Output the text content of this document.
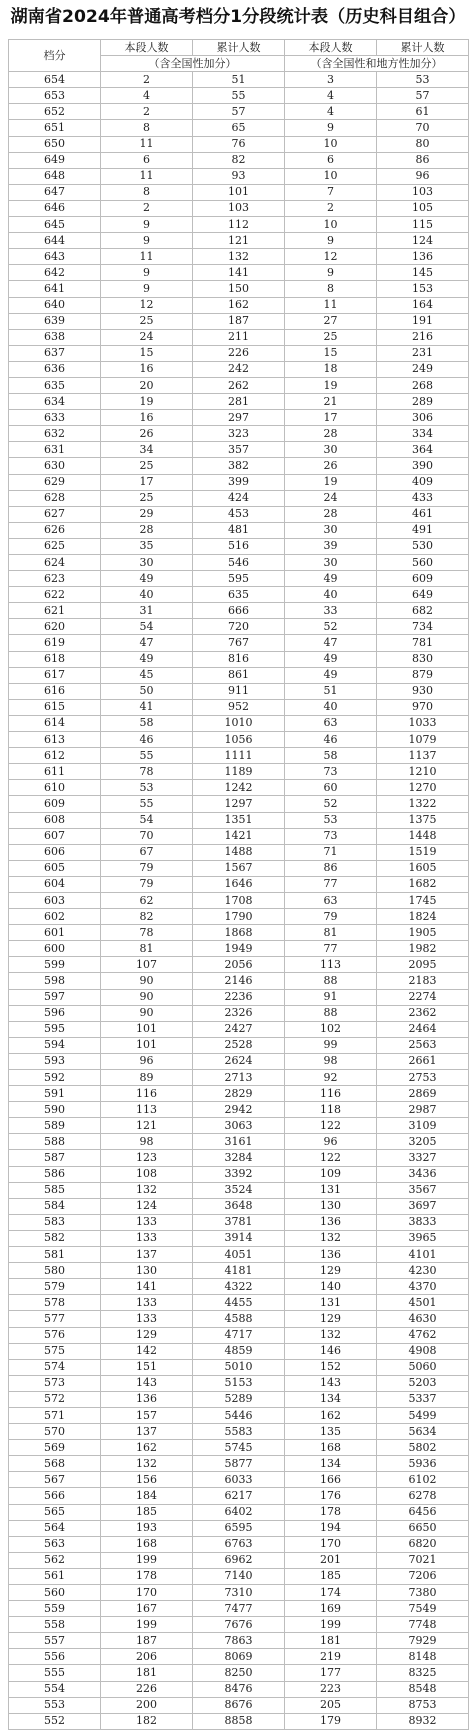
湖南省2024年普通高考档分1分段统计表（历史科目组合）
档分	本段人数	累计人数	本段人数	累计人数
	（含全国性加分）		（含全国性和地方性加分）	
654	2	51	3	53
653	4	55	4	57
652	2	57	4	61
651	8	65	9	70
650	11	76	10	80
649	6	82	6	86
648	11	93	10	96
647	8	101	7	103
646	2	103	2	105
645	9	112	10	115
644	9	121	9	124
643	11	132	12	136
642	9	141	9	145
641	9	150	8	153
640	12	162	11	164
639	25	187	27	191
638	24	211	25	216
637	15	226	15	231
636	16	242	18	249
635	20	262	19	268
634	19	281	21	289
633	16	297	17	306
632	26	323	28	334
631	34	357	30	364
630	25	382	26	390
629	17	399	19	409
628	25	424	24	433
627	29	453	28	461
626	28	481	30	491
625	35	516	39	530
624	30	546	30	560
623	49	595	49	609
622	40	635	40	649
621	31	666	33	682
620	54	720	52	734
619	47	767	47	781
618	49	816	49	830
617	45	861	49	879
616	50	911	51	930
615	41	952	40	970
614	58	1010	63	1033
613	46	1056	46	1079
612	55	1111	58	1137
611	78	1189	73	1210
610	53	1242	60	1270
609	55	1297	52	1322
608	54	1351	53	1375
607	70	1421	73	1448
606	67	1488	71	1519
605	79	1567	86	1605
604	79	1646	77	1682
603	62	1708	63	1745
602	82	1790	79	1824
601	78	1868	81	1905
600	81	1949	77	1982
599	107	2056	113	2095
598	90	2146	88	2183
597	90	2236	91	2274
596	90	2326	88	2362
595	101	2427	102	2464
594	101	2528	99	2563
593	96	2624	98	2661
592	89	2713	92	2753
591	116	2829	116	2869
590	113	2942	118	2987
589	121	3063	122	3109
588	98	3161	96	3205
587	123	3284	122	3327
586	108	3392	109	3436
585	132	3524	131	3567
584	124	3648	130	3697
583	133	3781	136	3833
582	133	3914	132	3965
581	137	4051	136	4101
580	130	4181	129	4230
579	141	4322	140	4370
578	133	4455	131	4501
577	133	4588	129	4630
576	129	4717	132	4762
575	142	4859	146	4908
574	151	5010	152	5060
573	143	5153	143	5203
572	136	5289	134	5337
571	157	5446	162	5499
570	137	5583	135	5634
569	162	5745	168	5802
568	132	5877	134	5936
567	156	6033	166	6102
566	184	6217	176	6278
565	185	6402	178	6456
564	193	6595	194	6650
563	168	6763	170	6820
562	199	6962	201	7021
561	178	7140	185	7206
560	170	7310	174	7380
559	167	7477	169	7549
558	199	7676	199	7748
557	187	7863	181	7929
556	206	8069	219	8148
555	181	8250	177	8325
554	226	8476	223	8548
553	200	8676	205	8753
552	182	8858	179	8932
